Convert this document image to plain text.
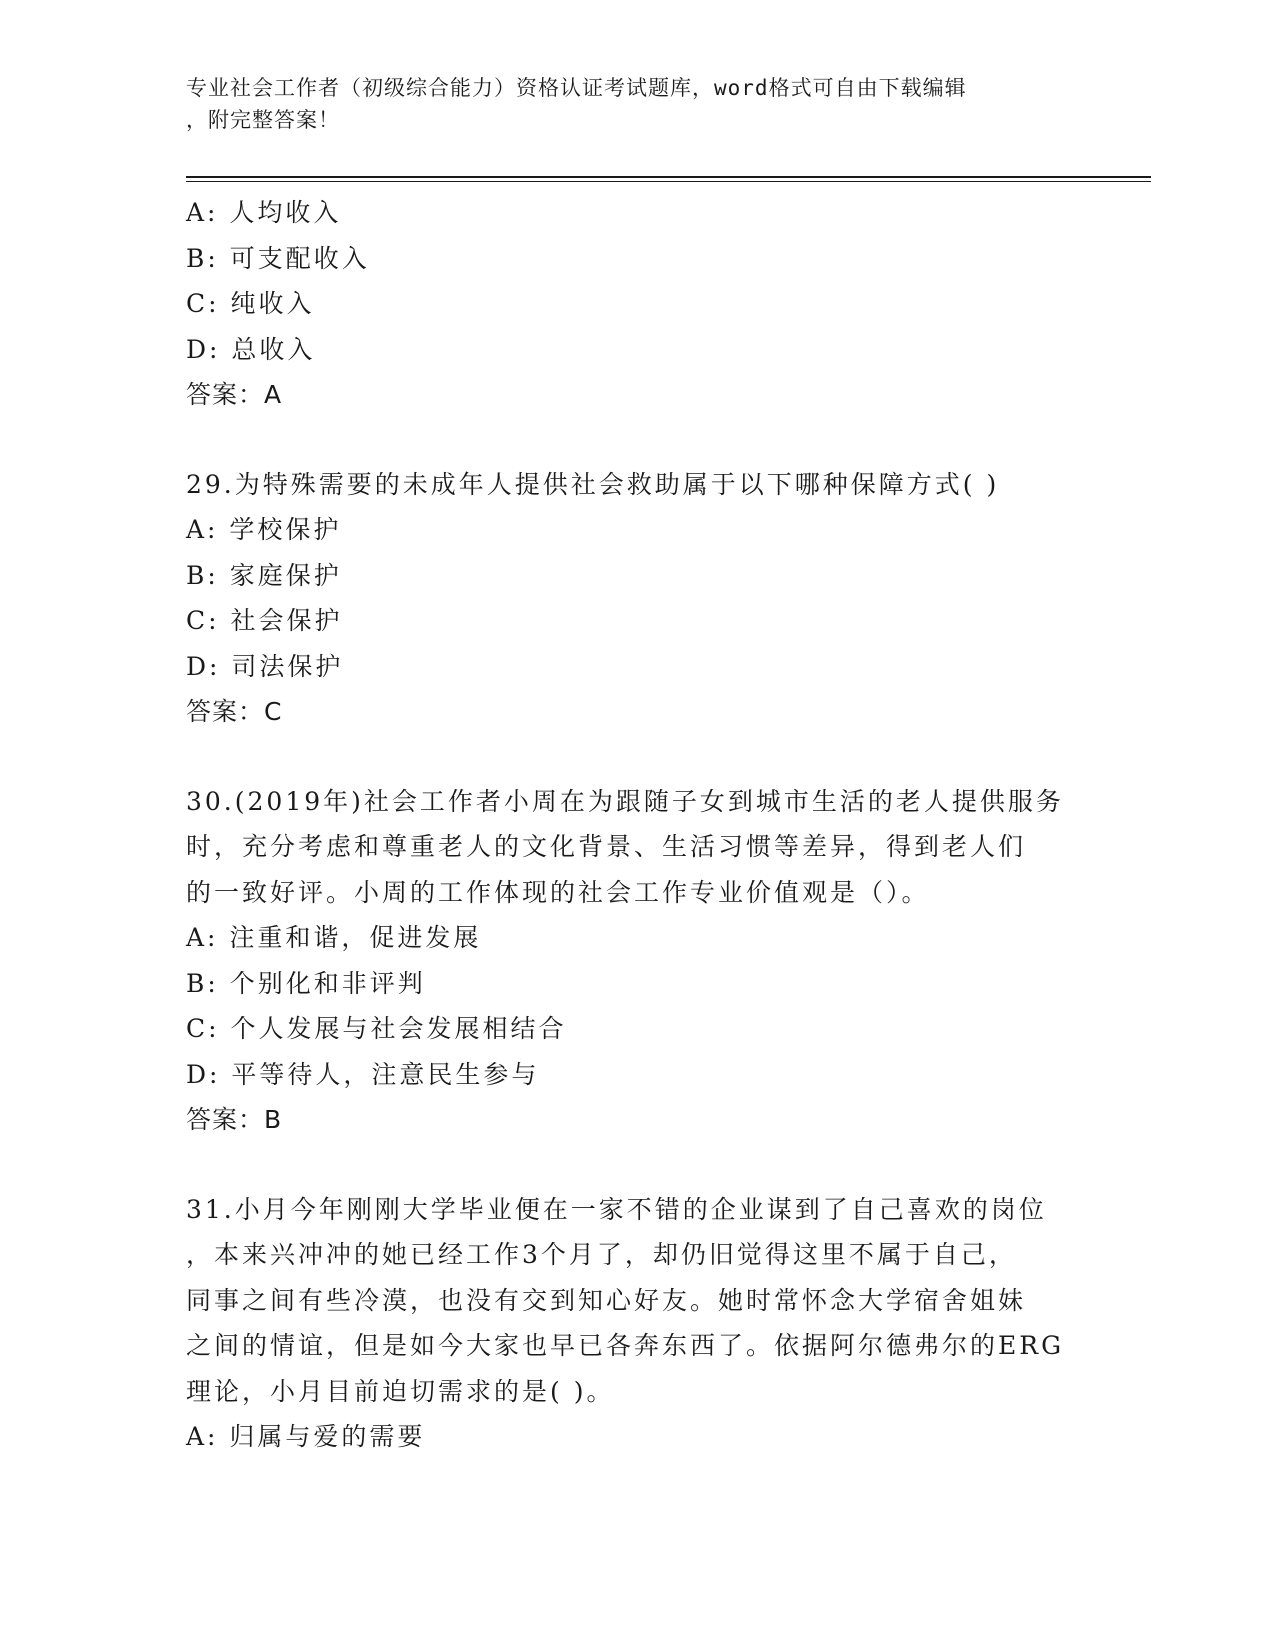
专业社会工作者（初级综合能力）资格认证考试题库，word格式可自由下载编辑
，附完整答案！
A: 人均收入
B: 可支配收入
C: 纯收入
D: 总收入
答案：A
29.为特殊需要的未成年人提供社会救助属于以下哪种保障方式( )
A: 学校保护
B: 家庭保护
C: 社会保护
D: 司法保护
答案：C
30.(2019年)社会工作者小周在为跟随子女到城市生活的老人提供服务
时，充分考虑和尊重老人的文化背景、生活习惯等差异，得到老人们
的一致好评。小周的工作体现的社会工作专业价值观是（）。
A: 注重和谐，促进发展
B: 个别化和非评判
C: 个人发展与社会发展相结合
D: 平等待人，注意民生参与
答案：B
31.小月今年刚刚大学毕业便在一家不错的企业谋到了自己喜欢的岗位
，本来兴冲冲的她已经工作3个月了，却仍旧觉得这里不属于自己，
同事之间有些冷漠，也没有交到知心好友。她时常怀念大学宿舍姐妹
之间的情谊，但是如今大家也早已各奔东西了。依据阿尔德弗尔的ERG
理论，小月目前迫切需求的是( )。
A: 归属与爱的需要
